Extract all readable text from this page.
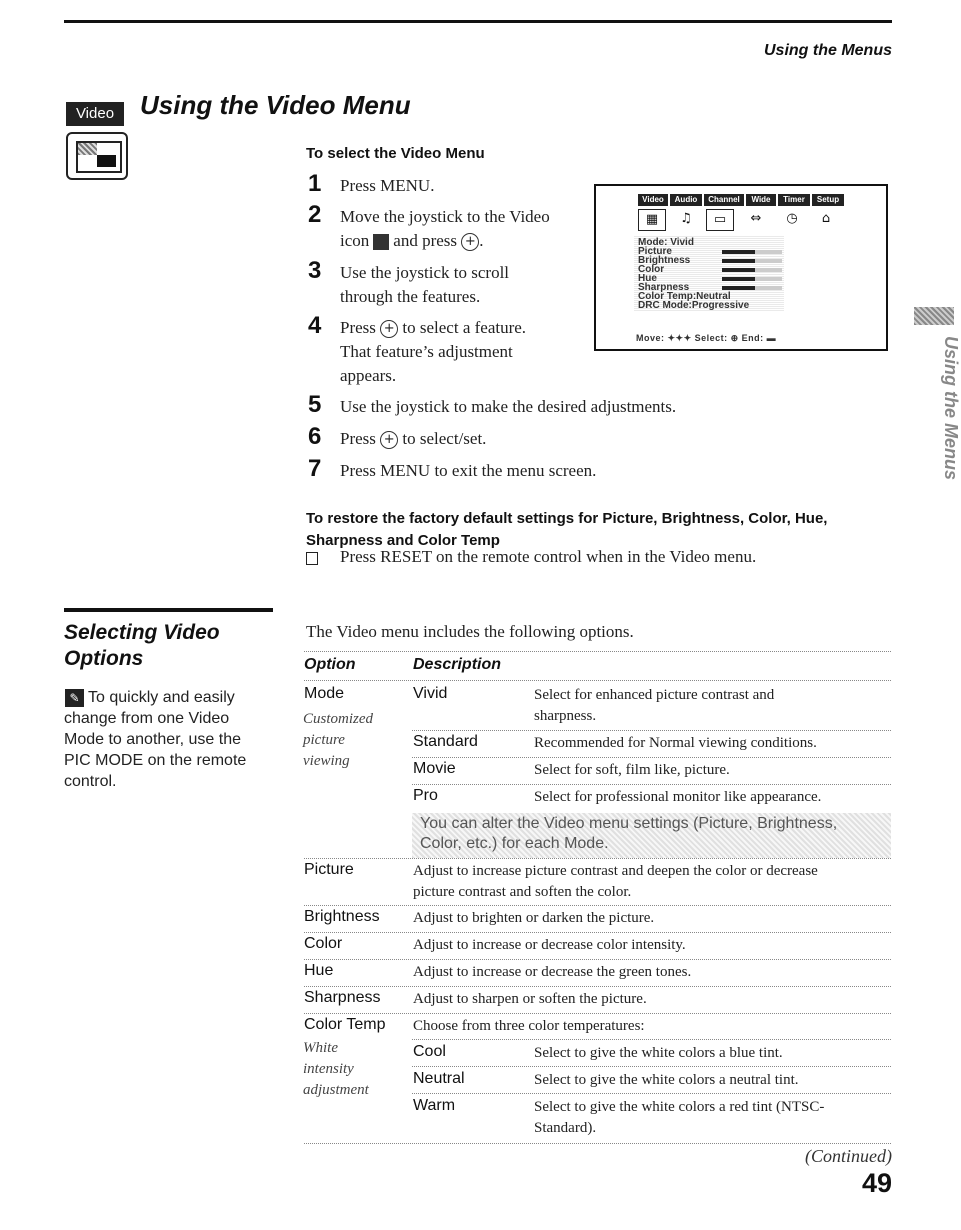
Using the Menus
Video Using the Video Menu
To select the Video Menu
1 Press MENU.
2 Move the joystick to the Video
icon and press + .
3 Use the joystick to scroll
through the features.
4 Press + to select a feature.
That feature’s adjustment
appears.
5 Use the joystick to make the desired adjustments.
6 Press + to select/set.
7 Press MENU to exit the menu screen.
Video	Audio	Channel	Wide	Timer	Setup
▦	♫	▭	⇔	◷	⌂
Mode: Vivid
Picture
Brightness
Color
Hue
Sharpness
Color Temp:Neutral
DRC Mode:Progressive
Move: ✦✦✦ Select: ⊕ End: ▬	Using the Menus
To restore the factory default settings for Picture, Brightness, Color, Hue, Sharpness and Color Temp
Press RESET on the remote control when in the Video menu.
Selecting Video Options
To quickly and easily change from one Video Mode to another, use the PIC MODE on the remote control.
✎
The Video menu includes the following options.
Option	Description
Mode
Customized
picture
viewing
Vivid	Select for enhanced picture contrast and
sharpness.
Standard	Recommended for Normal viewing conditions.
Movie	Select for soft, film like, picture.
Pro	Select for professional monitor like appearance.
You can alter the Video menu settings (Picture, Brightness, Color, etc.) for each Mode.
Picture	Adjust to increase picture contrast and deepen the color or decrease
picture contrast and soften the color.
Brightness Adjust to brighten or darken the picture.
Color	Adjust to increase or decrease color intensity.
Hue	Adjust to increase or decrease the green tones.
Sharpness Adjust to sharpen or soften the picture.
Color Temp Choose from three color temperatures:
White
intensity
adjustment
Cool	Select to give the white colors a blue tint.
Neutral	Select to give the white colors a neutral tint.
Warm	Select to give the white colors a red tint (NTSC-
Standard).
(Continued)
49
